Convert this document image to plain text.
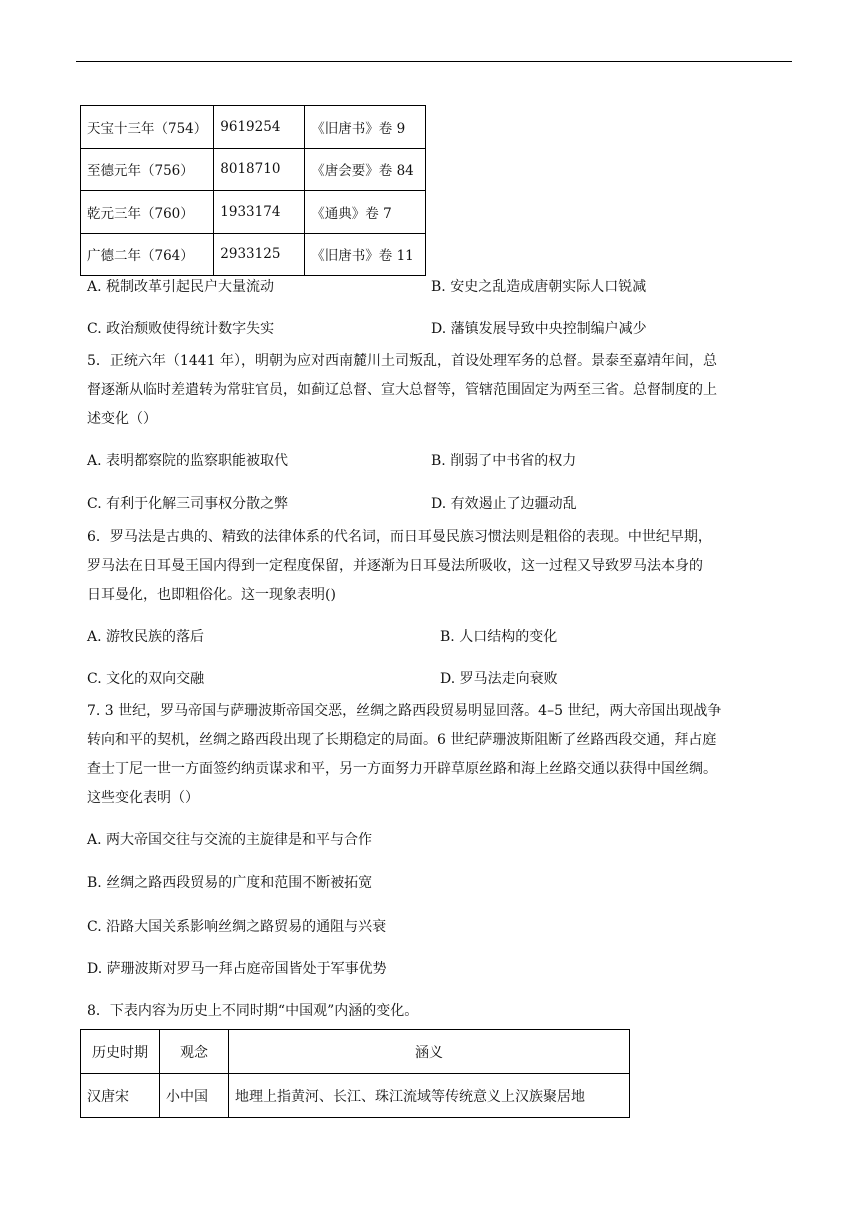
天宝十三年（754）	9619254	《旧唐书》卷 9
至德元年（756）	8018710	《唐会要》卷 84
乾元三年（760）	1933174	《通典》卷 7
广德二年（764）	2933125	《旧唐书》卷 11
A. 税制改革引起民户大量流动	B. 安史之乱造成唐朝实际人口锐减
C. 政治颓败使得统计数字失实	D. 藩镇发展导致中央控制编户减少
5．正统六年（1441 年），明朝为应对西南麓川土司叛乱，首设处理军务的总督。景泰至嘉靖年间，总
督逐渐从临时差遣转为常驻官员，如蓟辽总督、宣大总督等，管辖范围固定为两至三省。总督制度的上
述变化（）
A. 表明都察院的监察职能被取代	B. 削弱了中书省的权力
C. 有利于化解三司事权分散之弊	D. 有效遏止了边疆动乱
6．罗马法是古典的、精致的法律体系的代名词，而日耳曼民族习惯法则是粗俗的表现。中世纪早期，
罗马法在日耳曼王国内得到一定程度保留，并逐渐为日耳曼法所吸收，这一过程又导致罗马法本身的
日耳曼化，也即粗俗化。这一现象表明()
A. 游牧民族的落后	B. 人口结构的变化
C. 文化的双向交融	D. 罗马法走向衰败
7. 3 世纪，罗马帝国与萨珊波斯帝国交恶，丝绸之路西段贸易明显回落。4–5 世纪，两大帝国出现战争
转向和平的契机，丝绸之路西段出现了长期稳定的局面。6 世纪萨珊波斯阻断了丝路西段交通，拜占庭
查士丁尼一世一方面签约纳贡谋求和平，另一方面努力开辟草原丝路和海上丝路交通以获得中国丝绸。
这些变化表明（）
A. 两大帝国交往与交流的主旋律是和平与合作
B. 丝绸之路西段贸易的广度和范围不断被拓宽
C. 沿路大国关系影响丝绸之路贸易的通阻与兴衰
D. 萨珊波斯对罗马一拜占庭帝国皆处于军事优势
8．下表内容为历史上不同时期“中国观”内涵的变化。
历史时期	观念	涵义
汉唐宋	小中国	地理上指黄河、长江、珠江流域等传统意义上汉族聚居地
